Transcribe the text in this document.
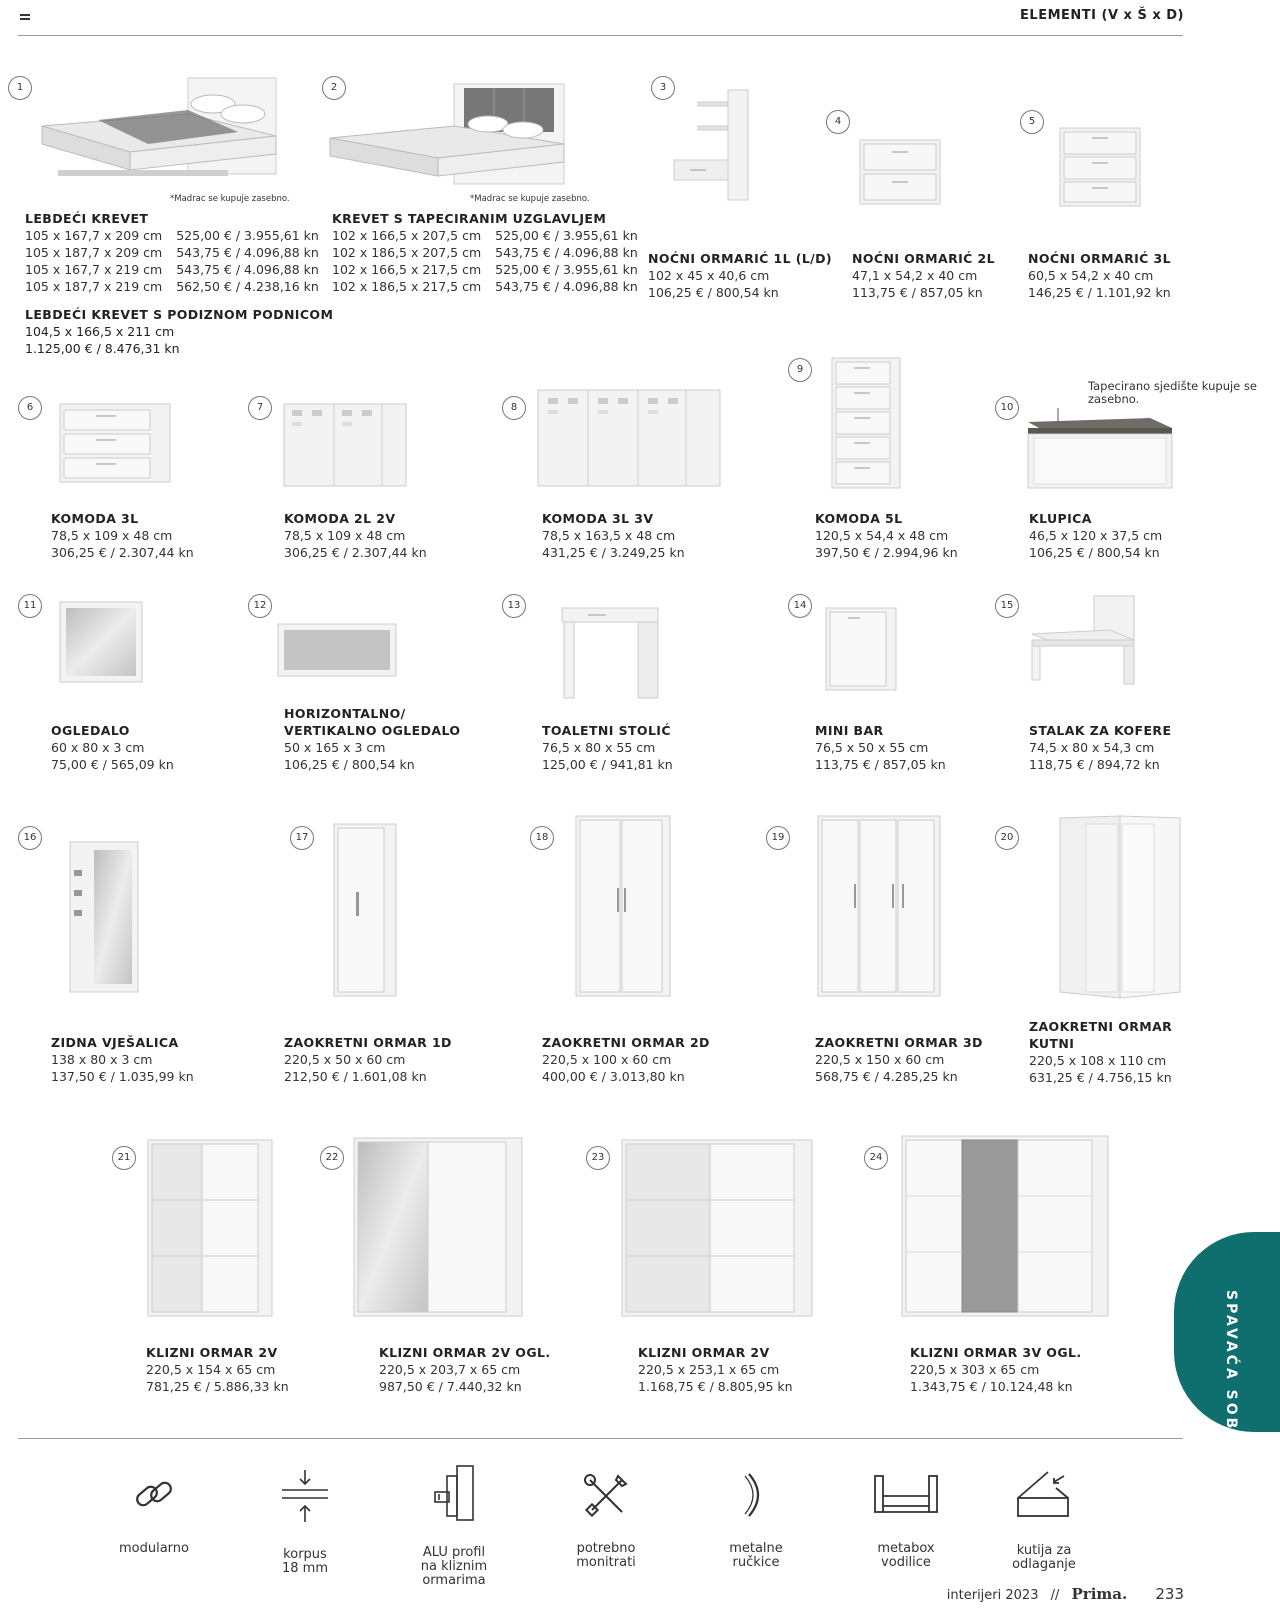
ELEMENTI (V x Š x D)
1
*Madrac se kupuje zasebno.
LEBDEĆI KREVET
105 x 167,7 x 209 cm	525,00 € / 3.955,61 kn
105 x 187,7 x 209 cm	543,75 € / 4.096,88 kn
105 x 167,7 x 219 cm	543,75 € / 4.096,88 kn
105 x 187,7 x 219 cm	562,50 € / 4.238,16 kn
LEBDEĆI KREVET S PODIZNOM PODNICOM
104,5 x 166,5 x 211 cm
1.125,00 € / 8.476,31 kn
2
*Madrac se kupuje zasebno.
KREVET S TAPECIRANIM UZGLAVLJEM
102 x 166,5 x 207,5 cm	525,00 € / 3.955,61 kn
102 x 186,5 x 207,5 cm	543,75 € / 4.096,88 kn
102 x 166,5 x 217,5 cm	525,00 € / 3.955,61 kn
102 x 186,5 x 217,5 cm	543,75 € / 4.096,88 kn
3
NOĆNI ORMARIĆ 1L (L/D)
102 x 45 x 40,6 cm
106,25 € / 800,54 kn
4
NOĆNI ORMARIĆ 2L
47,1 x 54,2 x 40 cm
113,75 € / 857,05 kn
5
NOĆNI ORMARIĆ 3L
60,5 x 54,2 x 40 cm
146,25 € / 1.101,92 kn
6
KOMODA 3L
78,5 x 109 x 48 cm
306,25 € / 2.307,44 kn
7
KOMODA 2L 2V
78,5 x 109 x 48 cm
306,25 € / 2.307,44 kn
8
KOMODA 3L 3V
78,5 x 163,5 x 48 cm
431,25 € / 3.249,25 kn
9
KOMODA 5L
120,5 x 54,4 x 48 cm
397,50 € / 2.994,96 kn
10
Tapecirano sjedište kupuje se zasebno.
KLUPICA
46,5 x 120 x 37,5 cm
106,25 € / 800,54 kn
11
OGLEDALO
60 x 80 x 3 cm
75,00 € / 565,09 kn
12
HORIZONTALNO/
VERTIKALNO OGLEDALO
50 x 165 x 3 cm
106,25 € / 800,54 kn
13
TOALETNI STOLIĆ
76,5 x 80 x 55 cm
125,00 € / 941,81 kn
14
MINI BAR
76,5 x 50 x 55 cm
113,75 € / 857,05 kn
15
STALAK ZA KOFERE
74,5 x 80 x 54,3 cm
118,75 € / 894,72 kn
16
ZIDNA VJEŠALICA
138 x 80 x 3 cm
137,50 € / 1.035,99 kn
17
ZAOKRETNI ORMAR 1D
220,5 x 50 x 60 cm
212,50 € / 1.601,08 kn
18
ZAOKRETNI ORMAR 2D
220,5 x 100 x 60 cm
400,00 € / 3.013,80 kn
19
ZAOKRETNI ORMAR 3D
220,5 x 150 x 60 cm
568,75 € / 4.285,25 kn
20
ZAOKRETNI ORMAR
KUTNI
220,5 x 108 x 110 cm
631,25 € / 4.756,15 kn
21
KLIZNI ORMAR 2V
220,5 x 154 x 65 cm
781,25 € / 5.886,33 kn
22
KLIZNI ORMAR 2V OGL.
220,5 x 203,7 x 65 cm
987,50 € / 7.440,32 kn
23
KLIZNI ORMAR 2V
220,5 x 253,1 x 65 cm
1.168,75 € / 8.805,95 kn
24
KLIZNI ORMAR 3V OGL.
220,5 x 303 x 65 cm
1.343,75 € / 10.124,48 kn
SPAVAĆA SOBA
modularno	korpus
18 mm
ALU profil
na kliznim
ormarima
potrebno
monitrati
metalne
ručkice
metabox
vodilice
kutija za
odlaganje
interijeri 2023 // Prima. 233
